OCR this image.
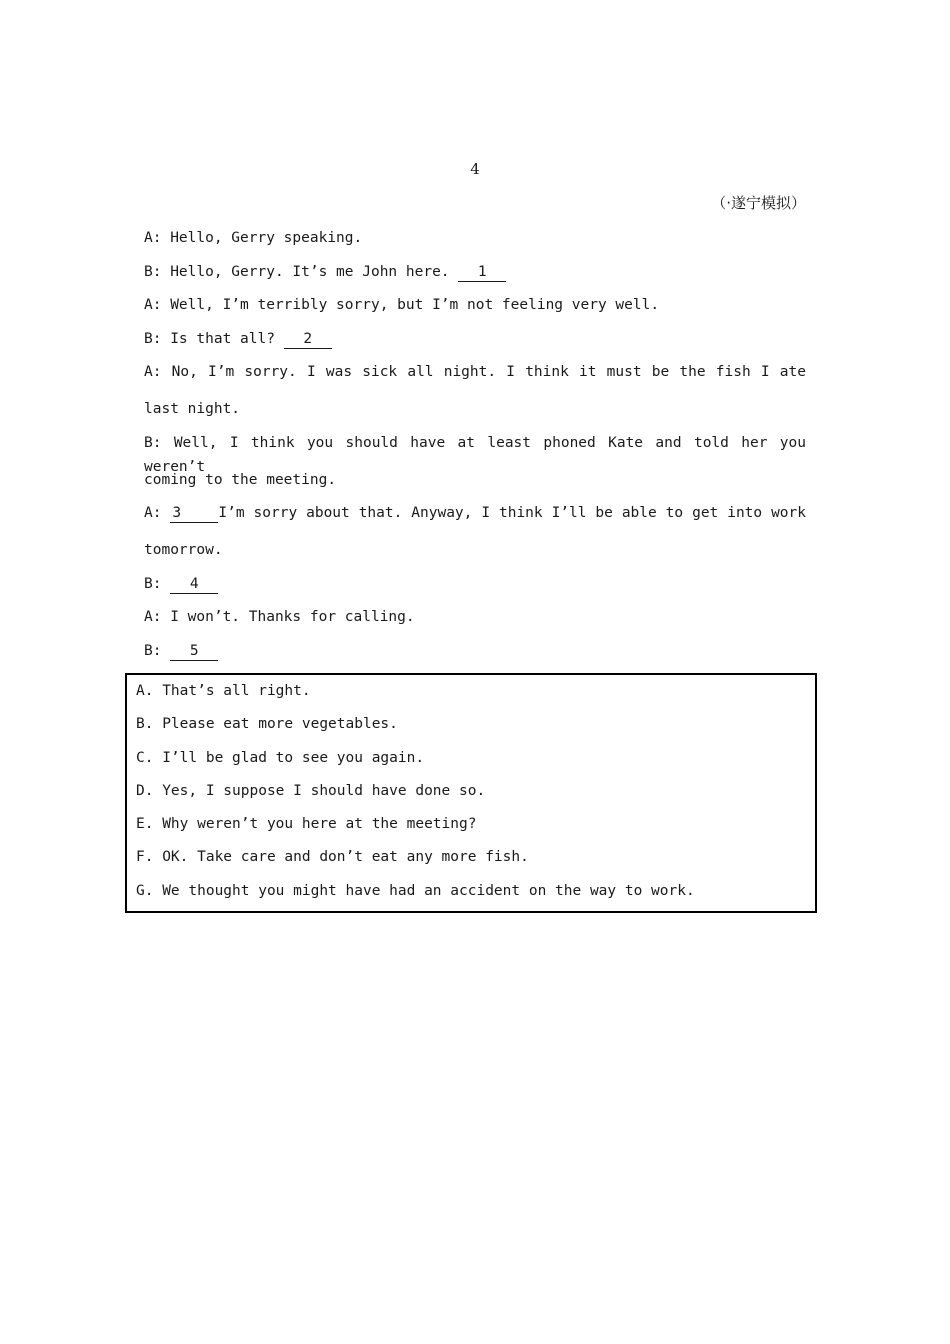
4
（·遂宁模拟）
A: Hello, Gerry speaking.
B: Hello, Gerry. It’s me John here. 1
A: Well, I’m terribly sorry, but I’m not feeling very well.
B: Is that all? 2
A: No, I’m sorry. I was sick all night. I think it must be the fish I ate
last night.
B: Well, I think you should have at least phoned Kate and told her you weren’t
coming to the meeting.
A: 3	I’m sorry about that. Anyway, I think I’ll be able to get into work
tomorrow.
B: 4
A: I won’t. Thanks for calling.
B: 5
A. That’s all right.
B. Please eat more vegetables.
C. I’ll be glad to see you again.
D. Yes, I suppose I should have done so.
E. Why weren’t you here at the meeting?
F. OK. Take care and don’t eat any more fish.
G. We thought you might have had an accident on the way to work.
